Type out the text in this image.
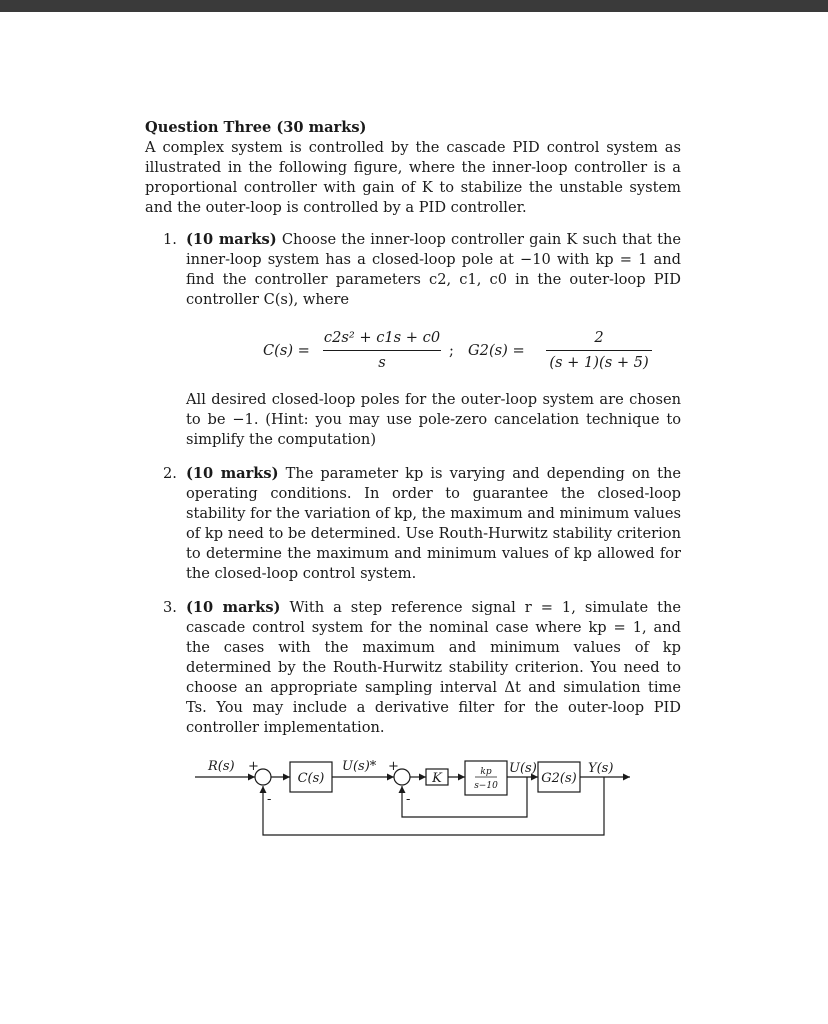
Question Three (30 marks)
A complex system is controlled by the cascade PID control system as illustrated in the following figure, where the inner-loop controller is a proportional controller with gain of K to stabilize the unstable system and the outer-loop is controlled by a PID controller.
1. (10 marks) Choose the inner-loop controller gain K such that the inner-loop system has a closed-loop pole at −10 with kp = 1 and find the controller parameters c2, c1, c0 in the outer-loop PID controller C(s), where
$C(s) = \frac{\text{c2s² + c1s + c0}}{s}$ ; $G2(s) = \frac{2}{(s + 1)(s + 5)}$
All desired closed-loop poles for the outer-loop system are chosen to be −1. (Hint: you may use pole-zero cancelation technique to simplify the computation)
2. (10 marks) The parameter kp is varying and depending on the operating conditions. In order to guarantee the closed-loop stability for the variation of kp, the maximum and minimum values of kp need to be determined. Use Routh-Hurwitz stability criterion to determine the maximum and minimum values of kp allowed for the closed-loop control system.
3. (10 marks) With a step reference signal r = 1, simulate the cascade control system for the nominal case where kp = 1, and the cases with the maximum and minimum values of kp determined by the Routh-Hurwitz stability criterion. You need to choose an appropriate sampling interval Δt and simulation time Ts. You may include a derivative filter for the outer-loop PID controller implementation.
R(s) +
-
C(s)
U(s)* +
-
K	kp
s−10
U(s)
G2(s)
Y(s)
